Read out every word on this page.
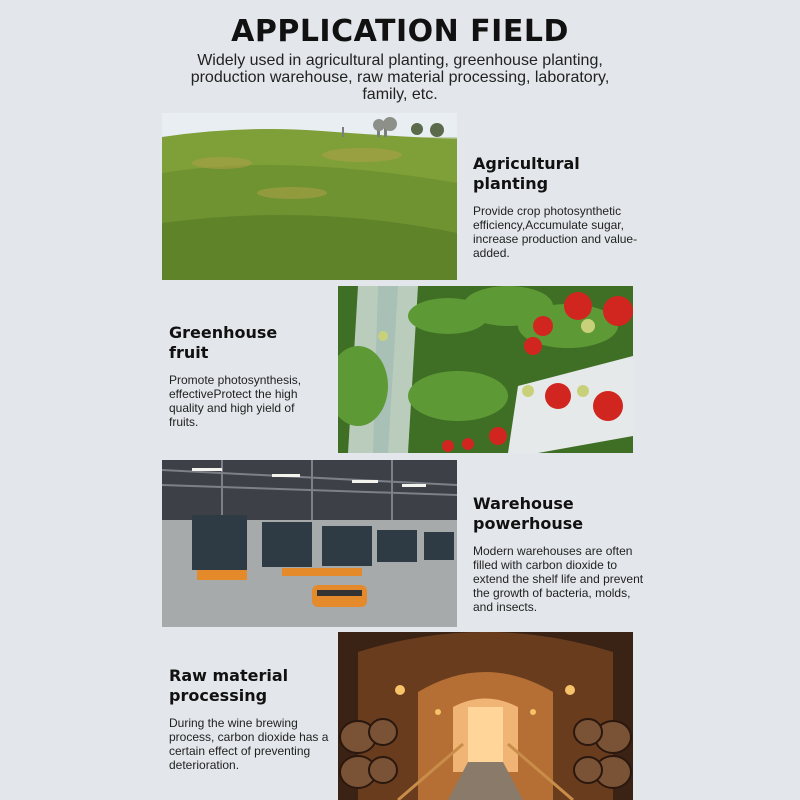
APPLICATION FIELD
Widely used in agricultural planting, greenhouse planting, production warehouse, raw material processing, laboratory, family, etc.
Agricultural
planting

Provide crop photosynthetic efficiency,Accumulate sugar, increase production and value-added.

Greenhouse
fruit

Promote photosynthesis, effectiveProtect the high quality and high yield of fruits.

Warehouse
powerhouse

Modern warehouses are often filled with carbon dioxide to extend the shelf life and prevent the growth of bacteria, molds, and insects.

Raw material
processing

During the wine brewing process, carbon dioxide has a certain effect of preventing deterioration.
